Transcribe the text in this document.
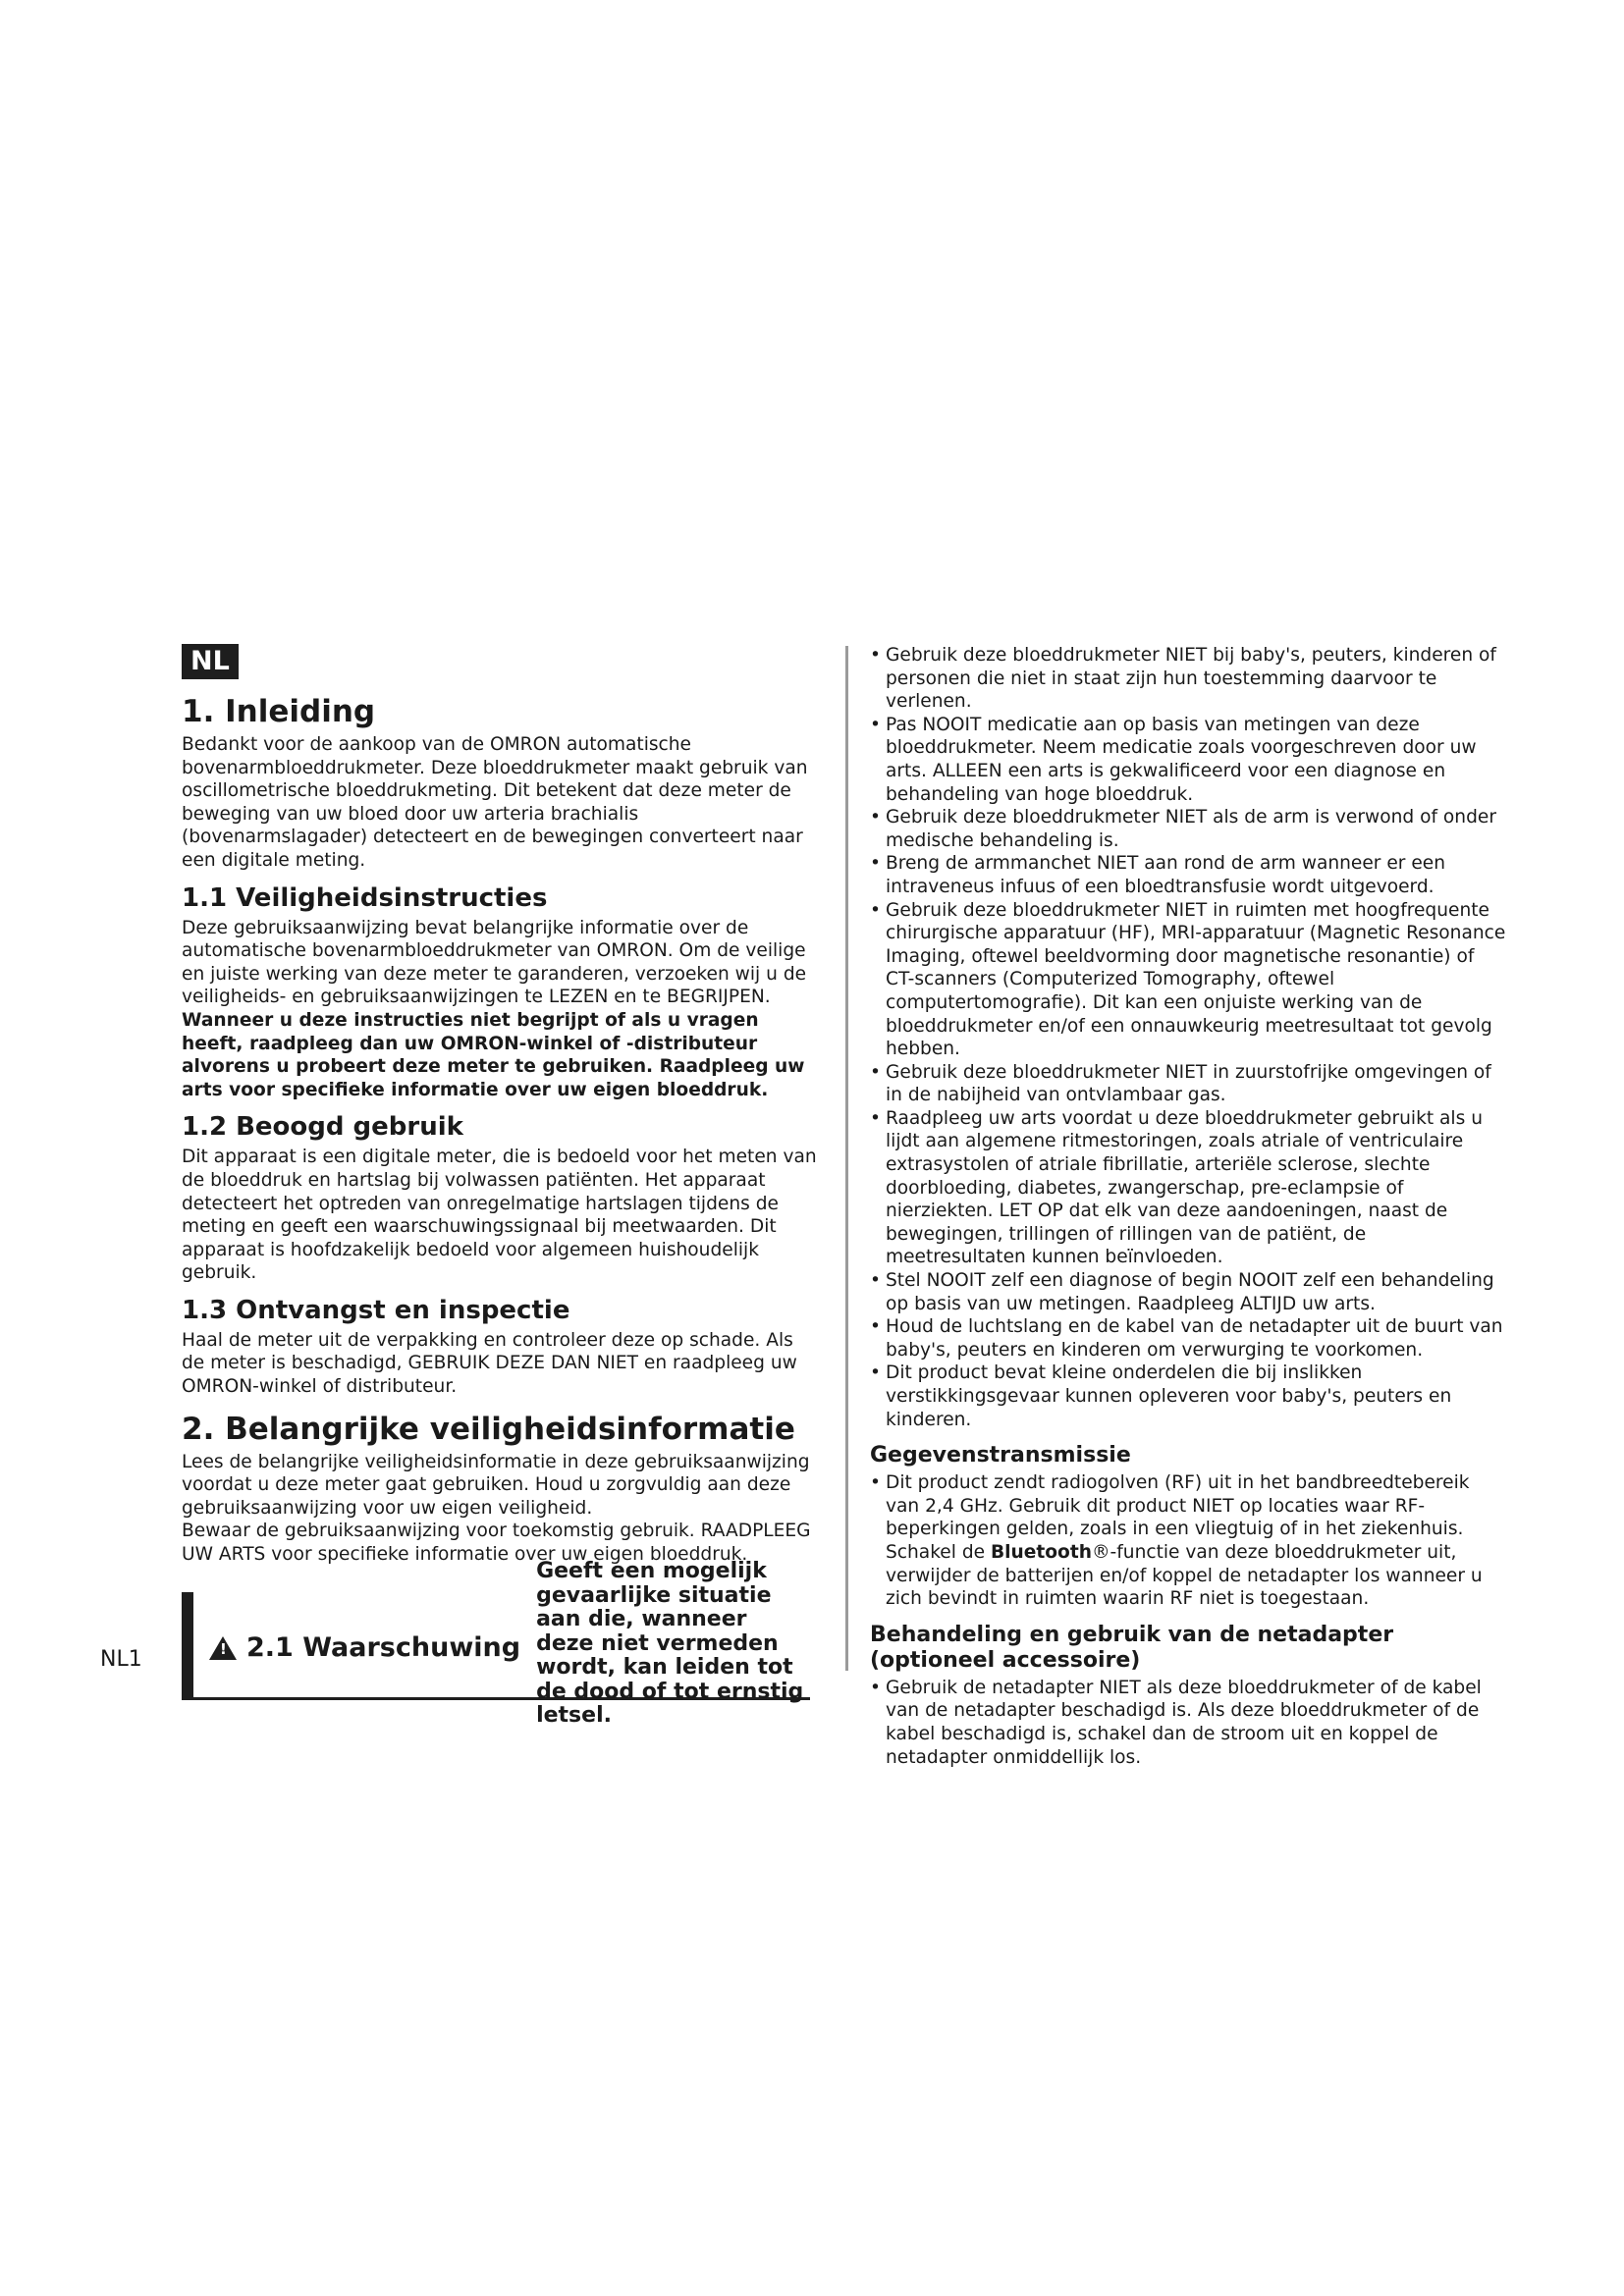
NL
1. Inleiding

Bedankt voor de aankoop van de OMRON automatische bovenarmbloeddrukmeter. Deze bloeddrukmeter maakt gebruik van oscillometrische bloeddrukmeting. Dit betekent dat deze meter de beweging van uw bloed door uw arteria brachialis (bovenarmslagader) detecteert en de bewegingen converteert naar een digitale meting.

1.1 Veiligheidsinstructies

Deze gebruiksaanwijzing bevat belangrijke informatie over de automatische bovenarmbloeddrukmeter van OMRON. Om de veilige en juiste werking van deze meter te garanderen, verzoeken wij u de veiligheids- en gebruiksaanwijzingen te LEZEN en te BEGRIJPEN. Wanneer u deze instructies niet begrijpt of als u vragen heeft, raadpleeg dan uw OMRON-winkel of -distributeur alvorens u probeert deze meter te gebruiken. Raadpleeg uw arts voor specifieke informatie over uw eigen bloeddruk.

1.2 Beoogd gebruik

Dit apparaat is een digitale meter, die is bedoeld voor het meten van de bloeddruk en hartslag bij volwassen patiënten. Het apparaat detecteert het optreden van onregelmatige hartslagen tijdens de meting en geeft een waarschuwingssignaal bij meetwaarden. Dit apparaat is hoofdzakelijk bedoeld voor algemeen huishoudelijk gebruik.

1.3 Ontvangst en inspectie

Haal de meter uit de verpakking en controleer deze op schade. Als de meter is beschadigd, GEBRUIK DEZE DAN NIET en raadpleeg uw OMRON-winkel of distributeur.

2. Belangrijke veiligheidsinformatie

Lees de belangrijke veiligheidsinformatie in deze gebruiksaanwijzing voordat u deze meter gaat gebruiken. Houd u zorgvuldig aan deze gebruiksaanwijzing voor uw eigen veiligheid.

Bewaar de gebruiksaanwijzing voor toekomstig gebruik. RAADPLEEG UW ARTS voor specifieke informatie over uw eigen bloeddruk.

! 2.1 Waarschuwing
Geeft een mogelijk gevaarlijke situatie aan die, wanneer deze niet vermeden wordt, kan leiden tot de dood of tot ernstig letsel.
• Gebruik deze bloeddrukmeter NIET bij baby's, peuters, kinderen of personen die niet in staat zijn hun toestemming daarvoor te verlenen.
• Pas NOOIT medicatie aan op basis van metingen van deze bloeddrukmeter. Neem medicatie zoals voorgeschreven door uw arts. ALLEEN een arts is gekwalificeerd voor een diagnose en behandeling van hoge bloeddruk.
• Gebruik deze bloeddrukmeter NIET als de arm is verwond of onder medische behandeling is.
• Breng de armmanchet NIET aan rond de arm wanneer er een intraveneus infuus of een bloedtransfusie wordt uitgevoerd.
• Gebruik deze bloeddrukmeter NIET in ruimten met hoogfrequente chirurgische apparatuur (HF), MRI-apparatuur (Magnetic Resonance Imaging, oftewel beeldvorming door magnetische resonantie) of CT-scanners (Computerized Tomography, oftewel computertomografie). Dit kan een onjuiste werking van de bloeddrukmeter en/of een onnauwkeurig meetresultaat tot gevolg hebben.
• Gebruik deze bloeddrukmeter NIET in zuurstofrijke omgevingen of in de nabijheid van ontvlambaar gas.
• Raadpleeg uw arts voordat u deze bloeddrukmeter gebruikt als u lijdt aan algemene ritmestoringen, zoals atriale of ventriculaire extrasystolen of atriale fibrillatie, arteriële sclerose, slechte doorbloeding, diabetes, zwangerschap, pre-eclampsie of nierziekten. LET OP dat elk van deze aandoeningen, naast de bewegingen, trillingen of rillingen van de patiënt, de meetresultaten kunnen beïnvloeden.
• Stel NOOIT zelf een diagnose of begin NOOIT zelf een behandeling op basis van uw metingen. Raadpleeg ALTIJD uw arts.
• Houd de luchtslang en de kabel van de netadapter uit de buurt van baby's, peuters en kinderen om verwurging te voorkomen.
• Dit product bevat kleine onderdelen die bij inslikken verstikkingsgevaar kunnen opleveren voor baby's, peuters en kinderen.
Gegevenstransmissie
• Dit product zendt radiogolven (RF) uit in het bandbreedtebereik van 2,4 GHz. Gebruik dit product NIET op locaties waar RF-beperkingen gelden, zoals in een vliegtuig of in het ziekenhuis. Schakel de Bluetooth®-functie van deze bloeddrukmeter uit, verwijder de batterijen en/of koppel de netadapter los wanneer u zich bevindt in ruimten waarin RF niet is toegestaan.
Behandeling en gebruik van de netadapter (optioneel accessoire)
• Gebruik de netadapter NIET als deze bloeddrukmeter of de kabel van de netadapter beschadigd is. Als deze bloeddrukmeter of de kabel beschadigd is, schakel dan de stroom uit en koppel de netadapter onmiddellijk los.
NL1
